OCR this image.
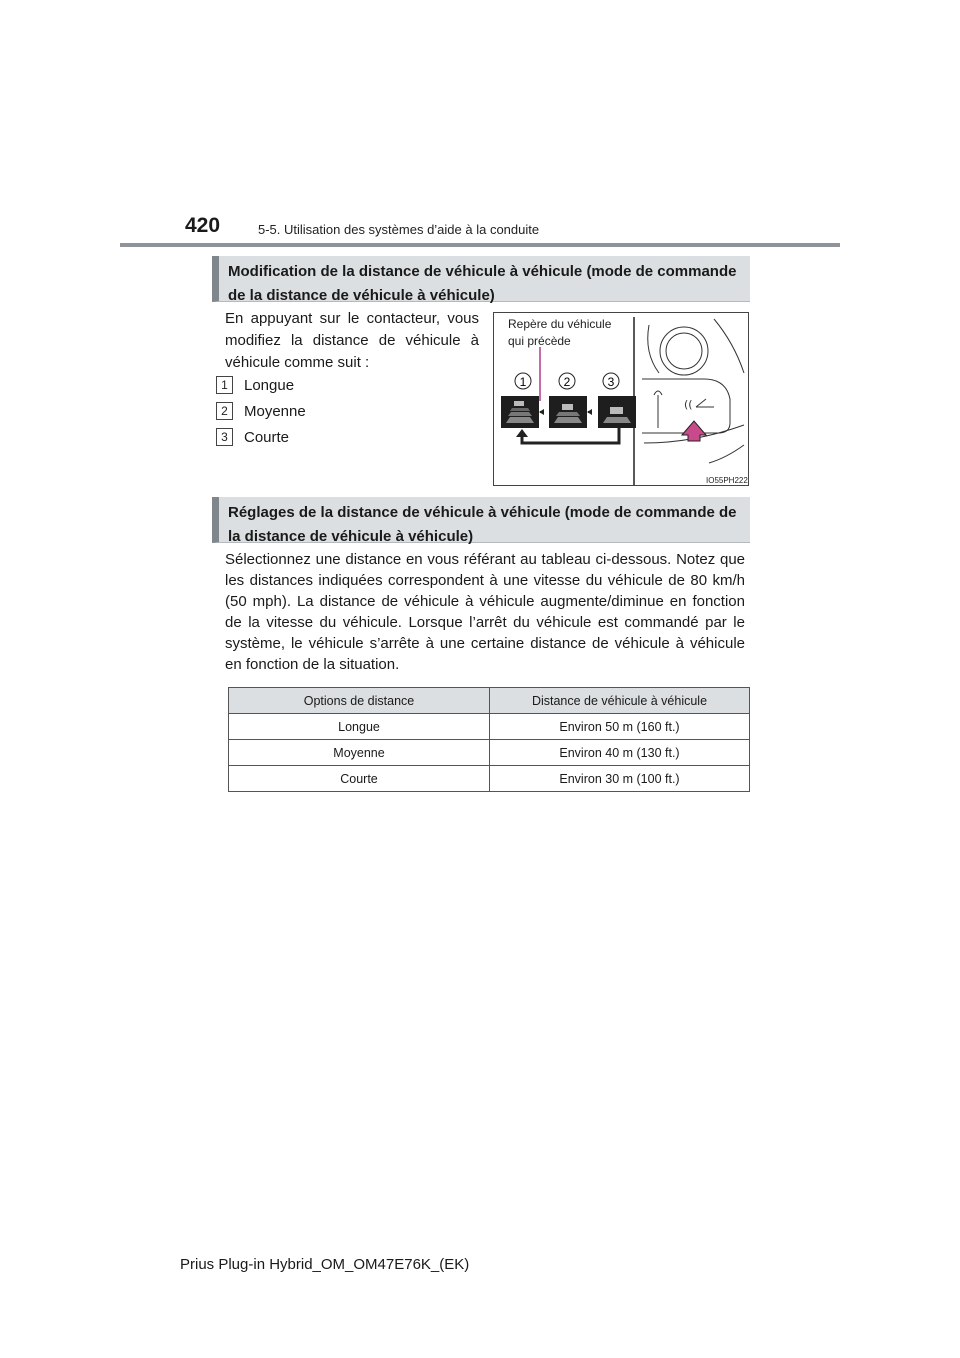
420	5-5. Utilisation des systèmes d’aide à la conduite
Modification de la distance de véhicule à véhicule (mode de commande de la distance de véhicule à véhicule)
En appuyant sur le contacteur, vous modifiez la distance de véhicule à véhicule comme suit :
1	Longue
2	Moyenne
3	Courte
1	2	3
((
Repère du véhicule
qui précède
IO55PH222
Réglages de la distance de véhicule à véhicule (mode de commande de la distance de véhicule à véhicule)
Sélectionnez une distance en vous référant au tableau ci-dessous. Notez que les distances indiquées correspondent à une vitesse du véhicule de 80 km/h (50 mph). La distance de véhicule à véhicule augmente/diminue en fonction de la vitesse du véhicule. Lorsque l’arrêt du véhicule est commandé par le système, le véhicule s’arrête à une certaine distance de véhicule à véhicule en fonction de la situation.
Options de distance	Distance de véhicule à véhicule
Longue	Environ 50 m (160 ft.)
Moyenne	Environ 40 m (130 ft.)
Courte	Environ 30 m (100 ft.)
Prius Plug-in Hybrid_OM_OM47E76K_(EK)
